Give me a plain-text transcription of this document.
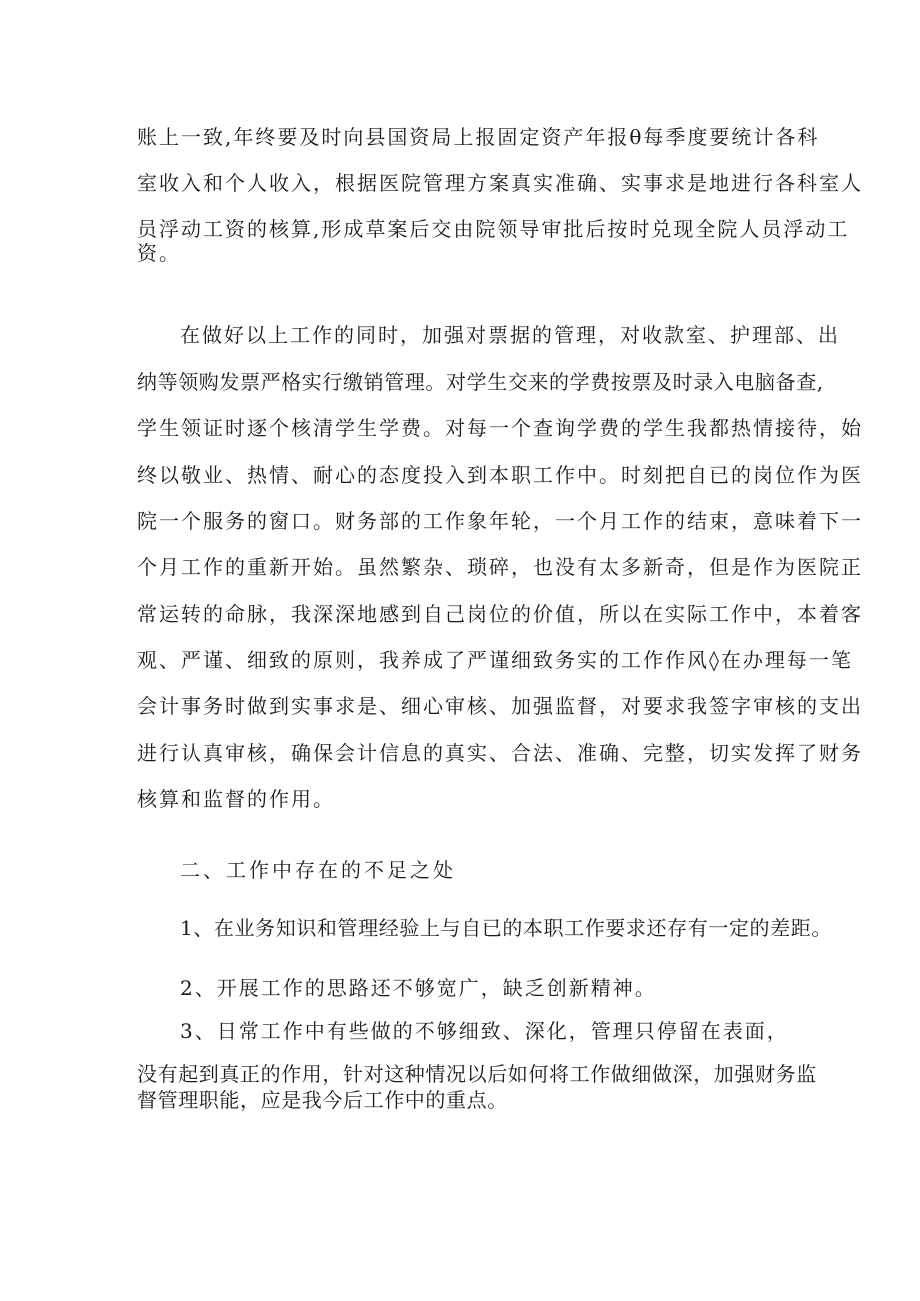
账上一致,年终要及时向县国资局上报固定资产年报θ每季度要统计各科
室收入和个人收入，根据医院管理方案真实准确、实事求是地进行各科室人
员浮动工资的核算,形成草案后交由院领导审批后按时兑现全院人员浮动工
资。
在做好以上工作的同时，加强对票据的管理，对收款室、护理部、出
纳等领购发票严格实行缴销管理。对学生交来的学费按票及时录入电脑备查,
学生领证时逐个核清学生学费。对每一个查询学费的学生我都热情接待，始
终以敬业、热情、耐心的态度投入到本职工作中。时刻把自已的岗位作为医
院一个服务的窗口。财务部的工作象年轮，一个月工作的结束，意味着下一
个月工作的重新开始。虽然繁杂、琐碎，也没有太多新奇，但是作为医院正
常运转的命脉，我深深地感到自己岗位的价值，所以在实际工作中，本着客
观、严谨、细致的原则，我养成了严谨细致务实的工作作风◊在办理每一笔
会计事务时做到实事求是、细心审核、加强监督，对要求我签字审核的支出
进行认真审核，确保会计信息的真实、合法、准确、完整，切实发挥了财务
核算和监督的作用。
二、工作中存在的不足之处
1、在业务知识和管理经验上与自已的本职工作要求还存有一定的差距。
2、开展工作的思路还不够宽广，缺乏创新精神。
3、日常工作中有些做的不够细致、深化，管理只停留在表面，
没有起到真正的作用，针对这种情况以后如何将工作做细做深，加强财务监
督管理职能，应是我今后工作中的重点。
